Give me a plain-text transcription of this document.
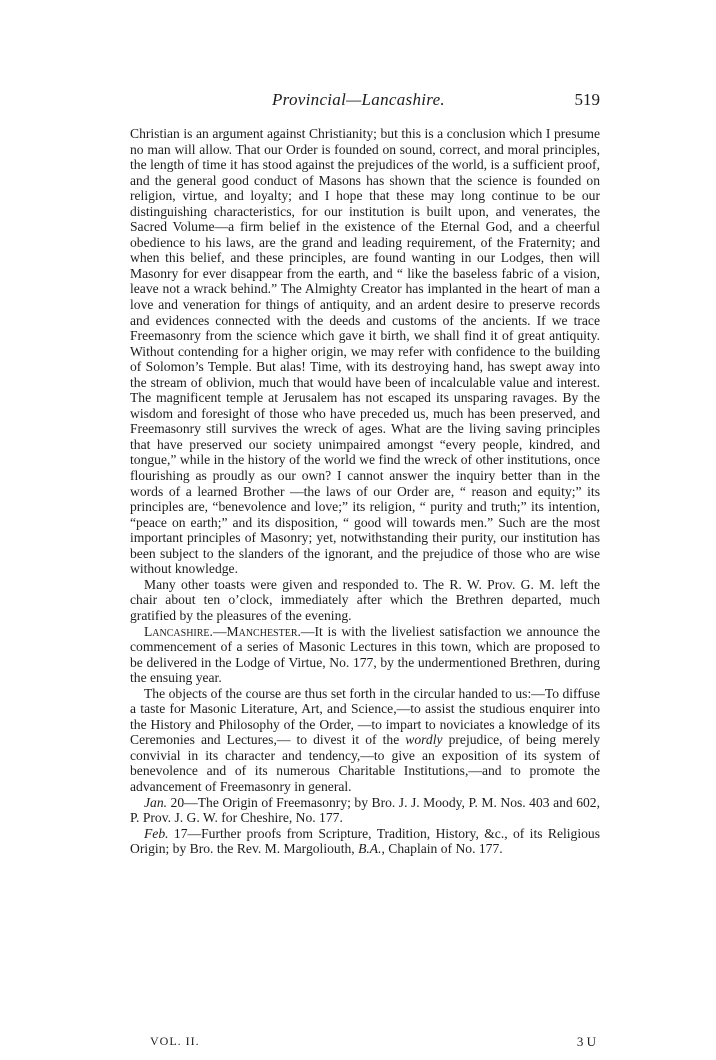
Provincial—Lancashire.	519

Christian is an argument against Christianity; but this is a conclusion which I presume no man will allow. That our Order is founded on sound, correct, and moral principles, the length of time it has stood against the prejudices of the world, is a sufficient proof, and the general good conduct of Masons has shown that the science is founded on religion, virtue, and loyalty; and I hope that these may long continue to be our distinguishing characteristics, for our institution is built upon, and venerates, the Sacred Volume—a firm belief in the existence of the Eternal God, and a cheerful obedience to his laws, are the grand and leading requirement, of the Fraternity; and when this belief, and these principles, are found wanting in our Lodges, then will Masonry for ever disappear from the earth, and “ like the baseless fabric of a vision, leave not a wrack behind.” The Almighty Creator has implanted in the heart of man a love and veneration for things of antiquity, and an ardent desire to preserve records and evidences connected with the deeds and customs of the ancients. If we trace Freemasonry from the science which gave it birth, we shall find it of great antiquity. Without contending for a higher origin, we may refer with confidence to the building of Solomon’s Temple. But alas! Time, with its destroying hand, has swept away into the stream of oblivion, much that would have been of incalculable value and interest. The magnificent temple at Jerusalem has not escaped its unsparing ravages. By the wisdom and foresight of those who have preceded us, much has been preserved, and Freemasonry still survives the wreck of ages. What are the living saving principles that have preserved our society unimpaired amongst “every people, kindred, and tongue,” while in the history of the world we find the wreck of other institutions, once flourishing as proudly as our own? I cannot answer the inquiry better than in the words of a learned Brother —the laws of our Order are, “ reason and equity;” its principles are, “benevolence and love;” its religion, “ purity and truth;” its intention, “peace on earth;” and its disposition, “ good will towards men.” Such are the most important principles of Masonry; yet, notwithstanding their purity, our institution has been subject to the slanders of the ignorant, and the prejudice of those who are wise without knowledge.

Many other toasts were given and responded to. The R. W. Prov. G. M. left the chair about ten o’clock, immediately after which the Brethren departed, much gratified by the pleasures of the evening.

Lancashire.—Manchester.—It is with the liveliest satisfaction we announce the commencement of a series of Masonic Lectures in this town, which are proposed to be delivered in the Lodge of Virtue, No. 177, by the undermentioned Brethren, during the ensuing year.

The objects of the course are thus set forth in the circular handed to us:—To diffuse a taste for Masonic Literature, Art, and Science,—to assist the studious enquirer into the History and Philosophy of the Order, —to impart to noviciates a knowledge of its Ceremonies and Lectures,— to divest it of the wordly prejudice, of being merely convivial in its character and tendency,—to give an exposition of its system of benevolence and of its numerous Charitable Institutions,—and to promote the advancement of Freemasonry in general.

Jan. 20—The Origin of Freemasonry; by Bro. J. J. Moody, P. M. Nos. 403 and 602, P. Prov. J. G. W. for Cheshire, No. 177.

Feb. 17—Further proofs from Scripture, Tradition, History, &c., of its Religious Origin; by Bro. the Rev. M. Margoliouth, B.A., Chaplain of No. 177.

VOL. II.	3 U
